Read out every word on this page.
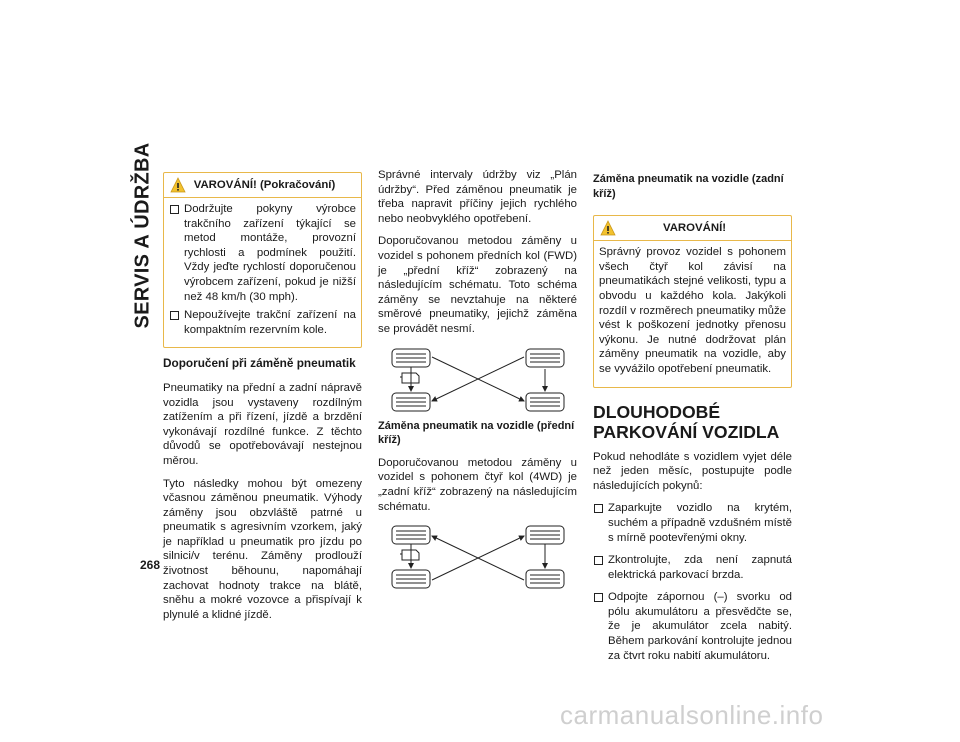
SERVIS A ÚDRŽBA	VAROVÁNÍ! (Pokračování)
Dodržujte pokyny výrobce trakčního zařízení týkající se metod montáže, provozní rychlosti a podmínek použití. Vždy jeďte rychlostí doporučenou výrobcem zařízení, pokud je nižší než 48 km/h (30 mph).
Nepoužívejte trakční zařízení na kompaktním rezervním kole.
Doporučení při záměně pneumatik

Pneumatiky na přední a zadní nápravě vozidla jsou vystaveny rozdílným zatížením a při řízení, jízdě a brzdění vykonávají rozdílné funkce. Z těchto důvodů se opotřebovávají nestejnou měrou.

Tyto následky mohou být omezeny včasnou záměnou pneumatik. Výhody záměny jsou obzvláště patrné u pneumatik s agresivním vzorkem, jaký je například u pneumatik pro jízdu po silnici/v terénu. Záměny prodlouží životnost běhounu, napomáhají zachovat hodnoty trakce na blátě, sněhu a mokré vozovce a přispívají k plynulé a klidné jízdě.

Správné intervaly údržby viz „Plán údržby“. Před záměnou pneumatik je třeba napravit příčiny jejich rychlého nebo neobvyklého opotřebení.

Doporučovanou metodou záměny u vozidel s pohonem předních kol (FWD) je „přední kříž“ zobrazený na následujícím schématu. Toto schéma záměny se nevztahuje na některé směrové pneumatiky, jejichž záměna se provádět nesmí.

Záměna pneumatik na vozidle (přední kříž)

Doporučovanou metodou záměny u vozidel s pohonem čtyř kol (4WD) je „zadní kříž“ zobrazený na následujícím schématu.

Záměna pneumatik na vozidle (zadní kříž)
VAROVÁNÍ!

Správný provoz vozidel s pohonem všech čtyř kol závisí na pneumatikách stejné velikosti, typu a obvodu u každého kola. Jakýkoli rozdíl v rozměrech pneumatiky může vést k poškození jednotky přenosu výkonu. Je nutné dodržovat plán záměny pneumatik na vozidle, aby se vyvážilo opotřebení pneumatik.

DLOUHODOBÉ PARKOVÁNÍ VOZIDLA

Pokud nehodláte s vozidlem vyjet déle než jeden měsíc, postupujte podle následujících pokynů:

Zaparkujte vozidlo na krytém, suchém a případně vzdušném místě s mírně pootevřenými okny.
Zkontrolujte, zda není zapnutá elektrická parkovací brzda.
Odpojte zápornou (–) svorku od pólu akumulátoru a přesvědčte se, že je akumulátor zcela nabitý. Během parkování kontrolujte jednou za čtvrt roku nabití akumulátoru.
268
carmanualsonline.info
